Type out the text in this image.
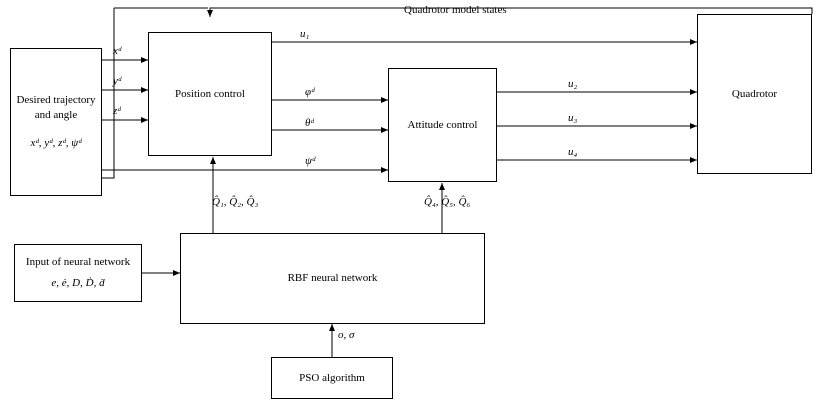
Desired trajectory
and angle
xᵈ, yᵈ, zᵈ, ψᵈ
Position control
Attitude control
Quadrotor
RBF neural network
Input of neural network
e, ė, D, Ḋ, ḋ
PSO algorithm
xᵈ
yᵈ
zᵈ
u₁
u₂
u₃
u₄
φᵈ
θᵈ
ψᵈ
Q̂₁, Q̂₂, Q̂₃	Q̂₄, Q̂₅, Q̂₆
Quadrotor model states
o, σ
